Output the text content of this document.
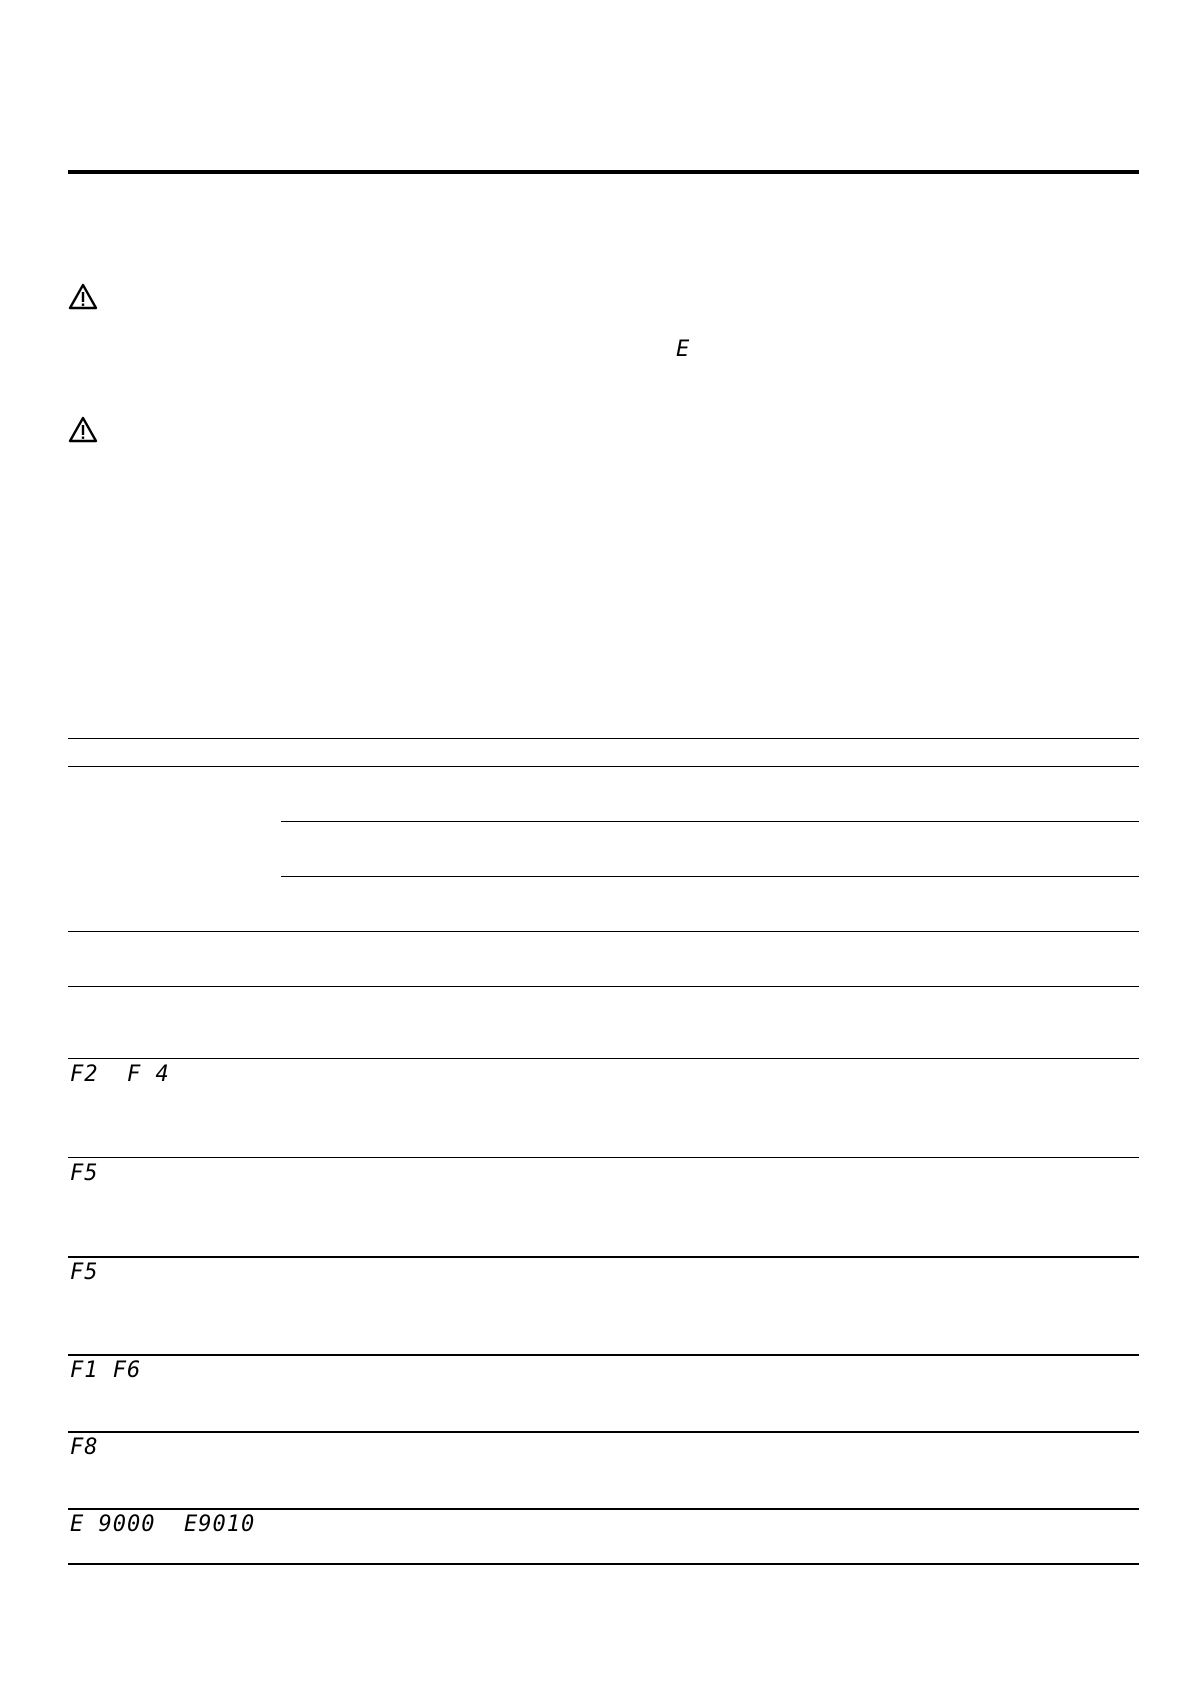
E
F2  F 4
F5
F5
F1 F6
F8
E 9000  E9010
